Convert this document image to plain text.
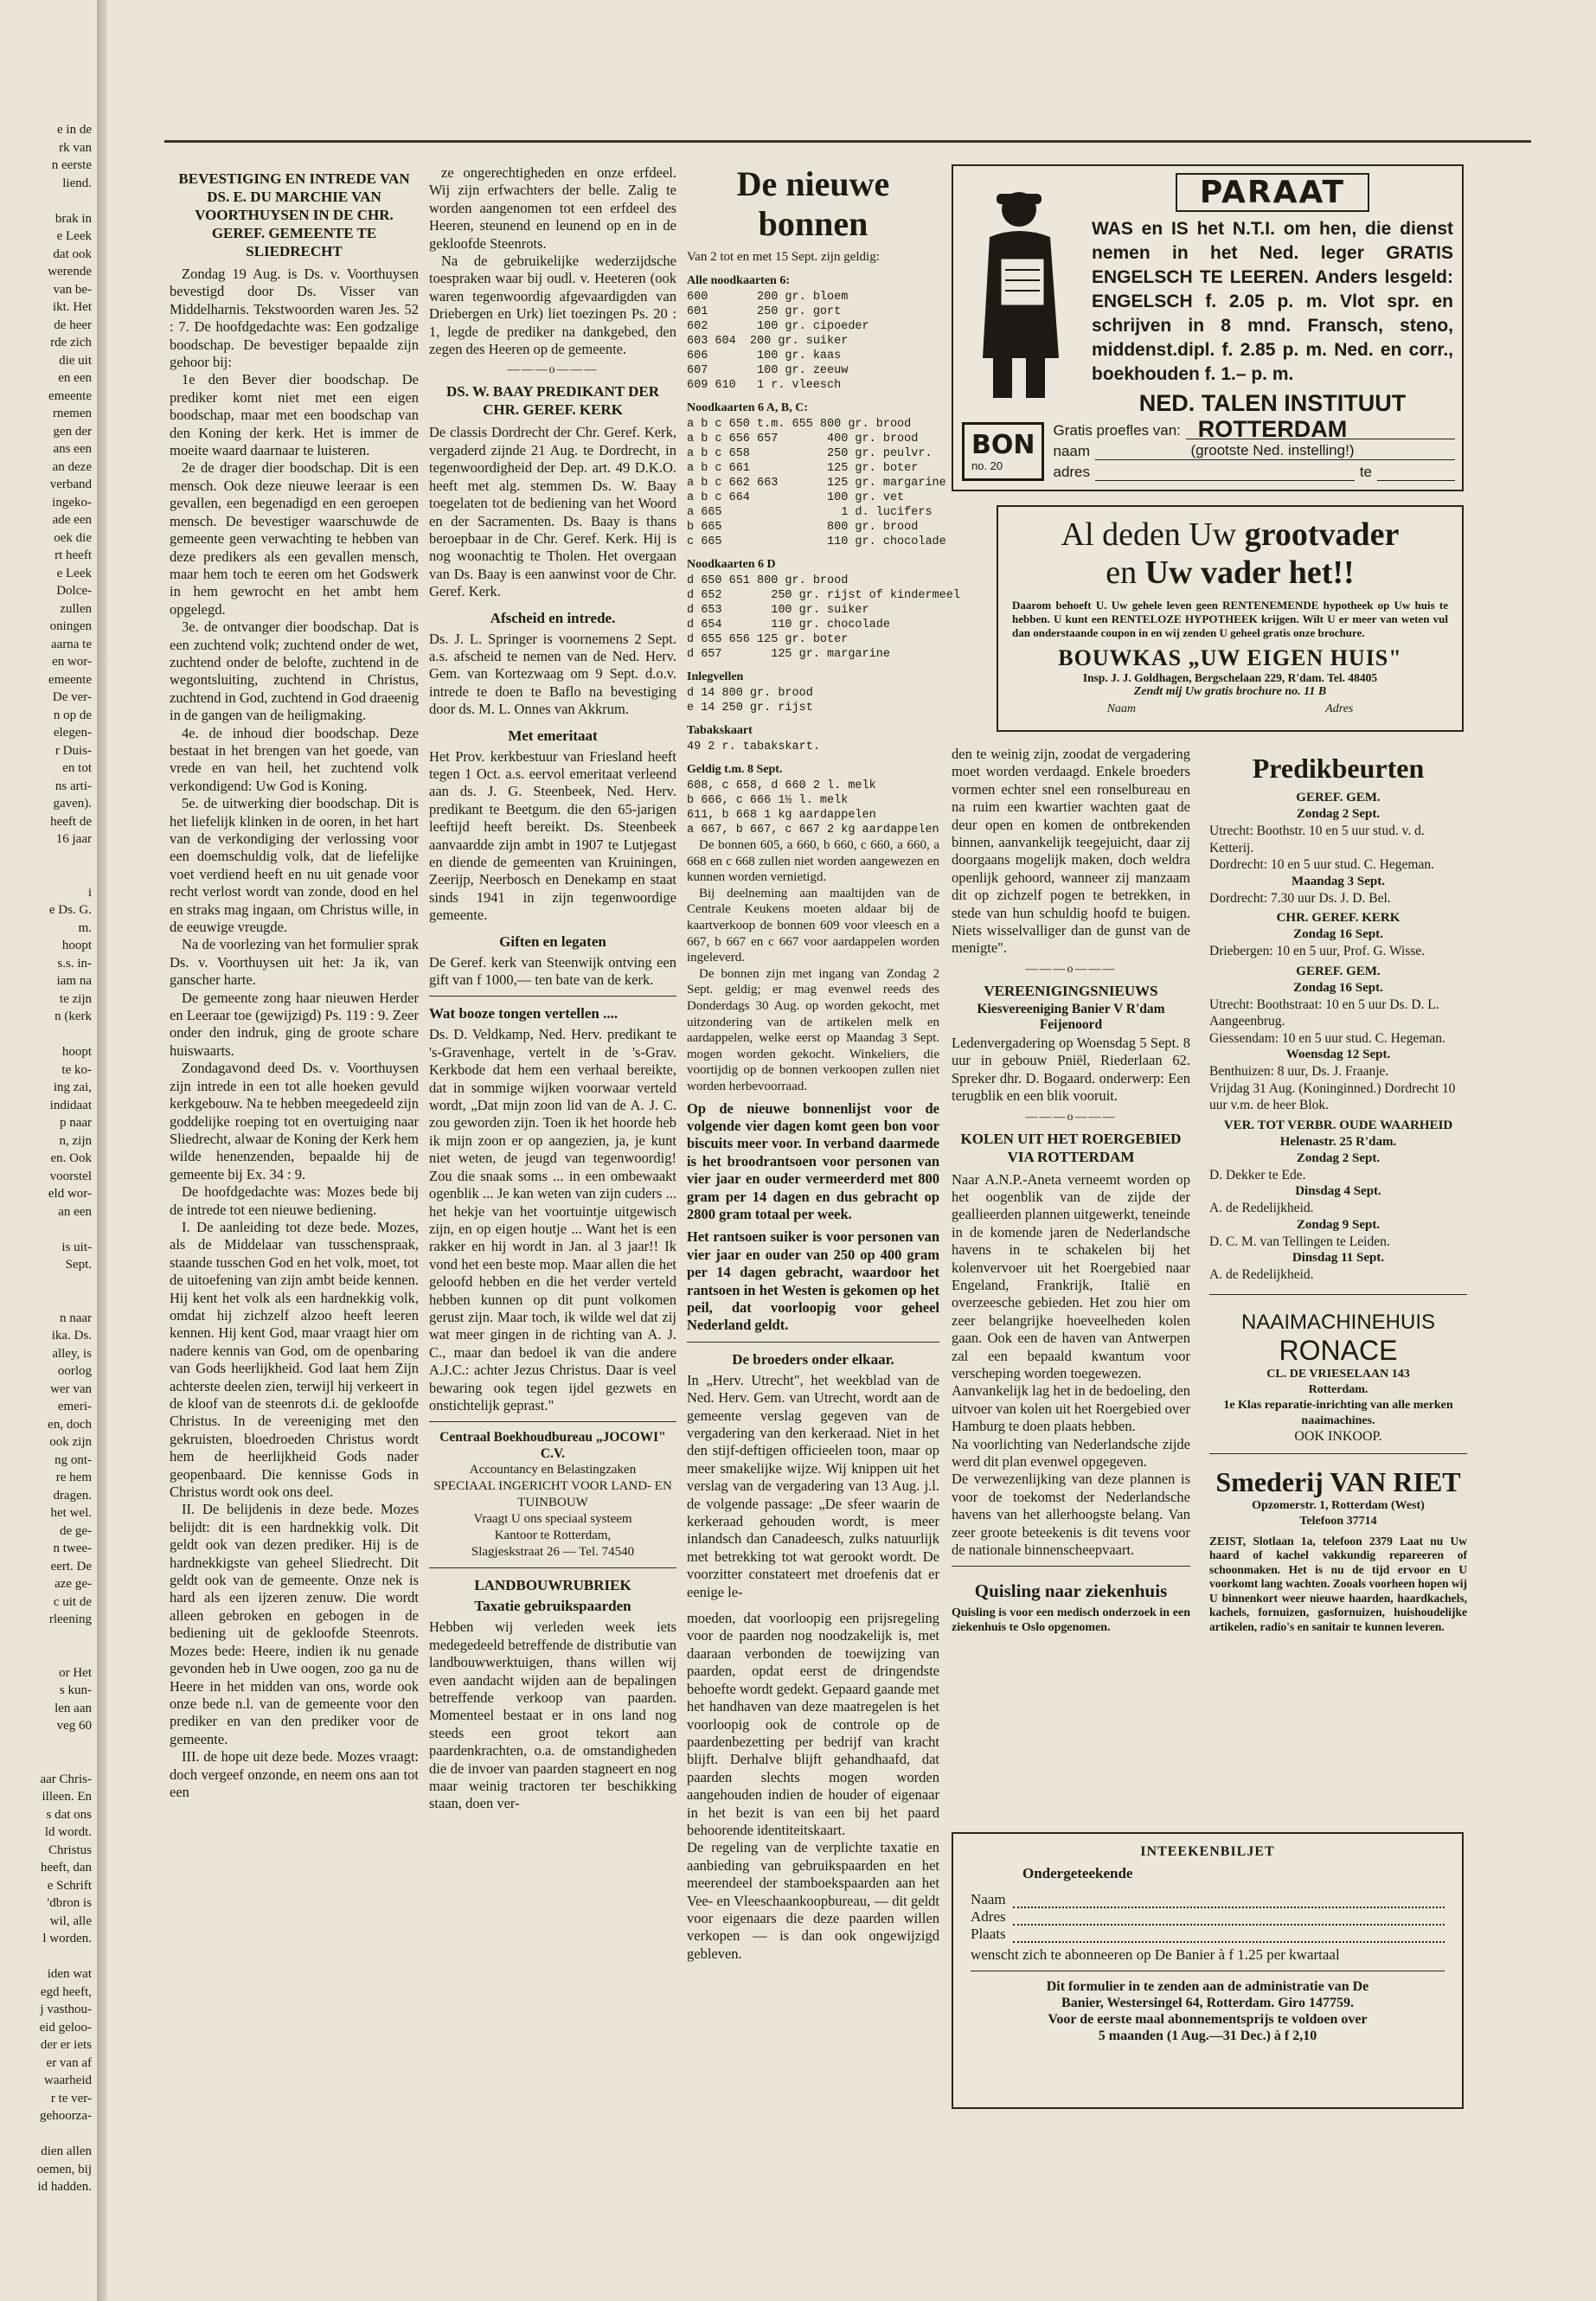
e in de
rk van
n eerste
liend.

brak in
e Leek
dat ook
werende
van be-
ikt. Het
de heer
rde zich
die uit
en een
emeente
rnemen
gen der
ans een
an deze
verband
ingeko-
ade een
oek die
rt heeft
e Leek
Dolce-
zullen
oningen
aarna te
en wor-
emeente
De ver-
n op de
elegen-
r Duis-
en tot
ns arti-
gaven).
heeft de
16 jaar

i
e Ds. G.
m.
hoopt
s.s. in-
iam na
te zijn
n (kerk

hoopt
te ko-
ing zai,
indidaat
p naar
n, zijn
en. Ook
voorstel
eld wor-
an een

is uit-
Sept.

n naar
ika. Ds.
alley, is
oorlog
wer van
emeri-
en, doch
ook zijn
ng ont-
re hem
dragen.
het wel.
de ge-
n twee-
eert. De
aze ge-
c uit de
rleening

or Het
s kun-
len aan
veg 60

aar Chris-
illeen. En
s dat ons
ld wordt.
Christus
heeft, dan
e Schrift
'dbron is
wil, alle
l worden.

iden wat
egd heeft,
j vasthou-
eid geloo-
der er iets
er van af
waarheid
r te ver-
gehoorza-

dien allen
oemen, bij
id hadden.
BEVESTIGING EN INTREDE VAN DS. E. DU MARCHIE VAN VOORTHUYSEN IN DE CHR. GEREF. GEMEENTE TE SLIEDRECHT

Zondag 19 Aug. is Ds. v. Voorthuysen bevestigd door Ds. Visser van Middelharnis. Tekstwoorden waren Jes. 52 : 7. De hoofdgedachte was: Een godzalige boodschap. De bevestiger bepaalde zijn gehoor bij:

1e den Bever dier boodschap. De prediker komt niet met een eigen boodschap, maar met een boodschap van den Koning der kerk. Het is immer de moeite waard daarnaar te luisteren.

2e de drager dier boodschap. Dit is een mensch. Ook deze nieuwe leeraar is een gevallen, een begenadigd en een geroepen mensch. De bevestiger waarschuwde de gemeente geen verwachting te hebben van deze predikers als een gevallen mensch, maar hem toch te eeren om het Godswerk in hem gewrocht en het ambt hem opgelegd.

3e. de ontvanger dier boodschap. Dat is een zuchtend volk; zuchtend onder de wet, zuchtend onder de belofte, zuchtend in de wegontsluiting, zuchtend in Christus, zuchtend in God, zuchtend in God draeenig in de gangen van de heiligmaking.

4e. de inhoud dier boodschap. Deze bestaat in het brengen van het goede, van vrede en van heil, het zuchtend volk verkondigend: Uw God is Koning.

5e. de uitwerking dier boodschap. Dit is het liefelijk klinken in de ooren, in het hart van de verkondiging der verlossing voor een doemschuldig volk, dat de liefelijke voet verdiend heeft en nu uit genade voor recht verlost wordt van zonde, dood en hel en straks mag ingaan, om Christus wille, in de eeuwige vreugde.

Na de voorlezing van het formulier sprak Ds. v. Voorthuysen uit het: Ja ik, van ganscher harte.

De gemeente zong haar nieuwen Herder en Leeraar toe (gewijzigd) Ps. 119 : 9. Zeer onder den indruk, ging de groote schare huiswaarts.

Zondagavond deed Ds. v. Voorthuysen zijn intrede in een tot alle hoeken gevuld kerkgebouw. Na te hebben meegedeeld zijn goddelijke roeping tot en overtuiging naar Sliedrecht, alwaar de Koning der Kerk hem wilde henenzenden, bepaalde hij de gemeente bij Ex. 34 : 9.

De hoofdgedachte was: Mozes bede bij de intrede tot een nieuwe bediening.

I. De aanleiding tot deze bede. Mozes, als de Middelaar van tusschenspraak, staande tusschen God en het volk, moet, tot de uitoefening van zijn ambt beide kennen. Hij kent het volk als een hardnekkig volk, omdat hij zichzelf alzoo heeft leeren kennen. Hij kent God, maar vraagt hier om nadere kennis van God, om de openbaring van Gods heerlijkheid. God laat hem Zijn achterste deelen zien, terwijl hij verkeert in de kloof van de steenrots d.i. de gekloofde Christus. In de vereeniging met den gekruisten, bloedroeden Christus wordt hem de heerlijkheid Gods nader geopenbaard. Die kennisse Gods in Christus wordt ook ons deel.

II. De belijdenis in deze bede. Mozes belijdt: dit is een hardnekkig volk. Dit geldt ook van dezen prediker. Hij is de hardnekkigste van geheel Sliedrecht. Dit geldt ook van de gemeente. Onze nek is hard als een ijzeren zenuw. Die wordt alleen gebroken en gebogen in de bediening uit de gekloofde Steenrots. Mozes bede: Heere, indien ik nu genade gevonden heb in Uwe oogen, zoo ga nu de Heere in het midden van ons, worde ook onze bede n.l. van de gemeente voor den prediker en van den prediker voor de gemeente.

III. de hope uit deze bede. Mozes vraagt: doch vergeef onzonde, en neem ons aan tot een

ze ongerechtigheden en onze erfdeel. Wij zijn erfwachters der belle. Zalig te worden aangenomen tot een erfdeel des Heeren, steunend en leunend op en in de gekloofde Steenrots.

Na de gebruikelijke wederzijdsche toespraken waar bij oudl. v. Heeteren (ook waren tegenwoordig afgevaardigden van Driebergen en Urk) liet toezingen Ps. 20 : 1, legde de prediker na dankgebed, den zegen des Heeren op de gemeente.

———o———
DS. W. BAAY PREDIKANT DER CHR. GEREF. KERK

De classis Dordrecht der Chr. Geref. Kerk, vergaderd zijnde 21 Aug. te Dordrecht, in tegenwoordigheid der Dep. art. 49 D.K.O. heeft met alg. stemmen Ds. W. Baay toegelaten tot de bediening van het Woord en der Sacramenten. Ds. Baay is thans beroepbaar in de Chr. Geref. Kerk. Hij is nog woonachtig te Tholen. Het overgaan van Ds. Baay is een aanwinst voor de Chr. Geref. Kerk.

Afscheid en intrede.

Ds. J. L. Springer is voornemens 2 Sept. a.s. afscheid te nemen van de Ned. Herv. Gem. van Kortezwaag om 9 Sept. d.o.v. intrede te doen te Baflo na bevestiging door ds. M. L. Onnes van Akkrum.

Met emeritaat

Het Prov. kerkbestuur van Friesland heeft tegen 1 Oct. a.s. eervol emeritaat verleend aan ds. J. G. Steenbeek, Ned. Herv. predikant te Beetgum. die den 65-jarigen leeftijd heeft bereikt. Ds. Steenbeek aanvaardde zijn ambt in 1907 te Lutjegast en diende de gemeenten van Kruiningen, Zeerijp, Neerbosch en Denekamp en staat sinds 1941 in zijn tegenwoordige gemeente.

Giften en legaten

De Geref. kerk van Steenwijk ontving een gift van f 1000,— ten bate van de kerk.

Wat booze tongen vertellen ....

Ds. D. Veldkamp, Ned. Herv. predikant te 's-Gravenhage, vertelt in de 's-Grav. Kerkbode dat hem een verhaal bereikte, dat in sommige wijken voorwaar verteld wordt, „Dat mijn zoon lid van de A. J. C. zou geworden zijn. Toen ik het hoorde heb ik mijn zoon er op aangezien, ja, je kunt niet weten, de jeugd van tegenwoordig! Zou die snaak soms ... in een ombewaakt ogenblik ... Je kan weten van zijn cuders ... het hekje van het voortuintje uitgewisch zijn, en op eigen houtje ... Want het is een rakker en hij wordt in Jan. al 3 jaar!! Ik vond het een beste mop. Maar allen die het geloofd hebben en die het verder verteld hebben kunnen op dit punt volkomen gerust zijn. Maar toch, ik wilde wel dat zij wat meer gingen in de richting van A. J. C., maar dan bedoel ik van die andere A.J.C.: achter Jezus Christus. Daar is veel bewaring ook tegen ijdel gezwets en onstichtelijk geprast."

Centraal Boekhoudbureau „JOCOWI" C.V.
Accountancy en Belastingzaken
SPECIAAL INGERICHT VOOR LAND- EN TUINBOUW
Vraagt U ons speciaal systeem
Kantoor te Rotterdam,
Slagjeskstraat 26 — Tel. 74540
LANDBOUWRUBRIEK
Taxatie gebruikspaarden

Hebben wij verleden week iets medegedeeld betreffende de distributie van landbouwwerktuigen, thans willen wij even aandacht wijden aan de bepalingen betreffende verkoop van paarden. Momenteel bestaat er in ons land nog steeds een groot tekort aan paardenkrachten, o.a. de omstandigheden die de invoer van paarden stagneert en nog maar weinig tractoren ter beschikking staan, doen ver-

De nieuwe bonnen
Van 2 tot en met 15 Sept. zijn geldig:
Alle noodkaarten 6:
600       200 gr. bloem
601       250 gr. gort
602       100 gr. cipoeder
603 604  200 gr. suiker
606       100 gr. kaas
607       100 gr. zeeuw
609 610   1 r. vleesch
Noodkaarten 6 A, B, C:
a b c 650 t.m. 655 800 gr. brood
a b c 656 657       400 gr. brood
a b c 658           250 gr. peulvr.
a b c 661           125 gr. boter
a b c 662 663       125 gr. margarine
a b c 664           100 gr. vet
a 665                 1 d. lucifers
b 665               800 gr. brood
c 665               110 gr. chocolade
Noodkaarten 6 D
d 650 651 800 gr. brood
d 652       250 gr. rijst of kindermeel
d 653       100 gr. suiker
d 654       110 gr. chocolade
d 655 656 125 gr. boter
d 657       125 gr. margarine
Inlegvellen
d 14 800 gr. brood
e 14 250 gr. rijst
Tabakskaart
49 2 r. tabakskart.
Geldig t.m. 8 Sept.
608, c 658, d 660 2 l. melk
b 666, c 666 1½ l. melk
611, b 668 1 kg aardappelen
a 667, b 667, c 667 2 kg aardappelen

De bonnen 605, a 660, b 660, c 660, a 660, a 668 en c 668 zullen niet worden aangewezen en kunnen worden vernietigd.

Bij deelneming aan maaltijden van de Centrale Keukens moeten aldaar bij de kaartverkoop de bonnen 609 voor vleesch en a 667, b 667 en c 667 voor aardappelen worden ingeleverd.

De bonnen zijn met ingang van Zondag 2 Sept. geldig; er mag evenwel reeds des Donderdags 30 Aug. op worden gekocht, met uitzondering van de artikelen melk en aardappelen, welke eerst op Maandag 3 Sept. mogen worden gekocht. Winkeliers, die voortijdig op de bonnen verkoopen zullen niet worden herbevoorraad.

Op de nieuwe bonnenlijst voor de volgende vier dagen komt geen bon voor biscuits meer voor. In verband daarmede is het broodrantsoen voor personen van vier jaar en ouder vermeerderd met 800 gram per 14 dagen en dus gebracht op 2800 gram totaal per week.

Het rantsoen suiker is voor personen van vier jaar en ouder van 250 op 400 gram per 14 dagen gebracht, waardoor het rantsoen in het Westen is gekomen op het peil, dat voorloopig voor geheel Nederland geldt.

De broeders onder elkaar.

In „Herv. Utrecht", het weekblad van de Ned. Herv. Gem. van Utrecht, wordt aan de gemeente verslag gegeven van de vergadering van den kerkeraad. Niet in het den stijf-deftigen officieelen toon, maar op meer smakelijke wijze. Wij knippen uit het verslag van de vergadering van 13 Aug. j.l. de volgende passage: „De sfeer waarin de kerkeraad gehouden wordt, is meer inlandsch dan Canadeesch, zulks natuurlijk met betrekking tot wat gerookt wordt. De voorzitter constateert met droefenis dat er eenige le-

moeden, dat voorloopig een prijsregeling voor de paarden nog noodzakelijk is, met daaraan verbonden de toewijzing van paarden, opdat eerst de dringendste behoefte wordt gedekt. Gepaard gaande met het handhaven van deze maatregelen is het voorloopig ook de controle op de paardenbezetting per bedrijf van kracht blijft. Derhalve blijft gehandhaafd, dat paarden slechts mogen worden aangehouden indien de houder of eigenaar in het bezit is van een bij het paard behoorende identiteitskaart.

De regeling van de verplichte taxatie en aanbieding van gebruikspaarden en het meerendeel der stamboekspaarden aan het Vee- en Vleeschaankoopbureau, — dit geldt voor eigenaars die deze paarden willen verkopen — is dan ook ongewijzigd gebleven.

PARAAT
WAS en IS het N.T.I. om hen, die dienst nemen in het Ned. leger GRATIS ENGELSCH TE LEEREN. Anders lesgeld: ENGELSCH f. 2.05 p. m. Vlot spr. en schrijven in 8 mnd. Fransch, steno, middenst.dipl. f. 2.85 p. m. Ned. en corr., boekhouden f. 1.– p. m.
NED. TALEN INSTITUUT ROTTERDAM
(grootste Ned. instelling!)
BON
no. 20
Gratis proefles van:
naam
adres	te
Al deden Uw grootvader
en Uw vader het!!
Daarom behoeft U. Uw gehele leven geen RENTENEMENDE hypotheek op Uw huis te hebben. U kunt een RENTELOZE HYPOTHEEK krijgen. Wilt U er meer van weten vul dan onderstaande coupon in en wij zenden U geheel gratis onze brochure.
BOUWKAS „UW EIGEN HUIS"
Insp. J. J. Goldhagen, Bergschelaan 229, R'dam. Tel. 48405
Zendt mij Uw gratis brochure no. 11 B
Naam	Adres

den te weinig zijn, zoodat de vergadering moet worden verdaagd. Enkele broeders vormen echter snel een ronselbureau en na ruim een kwartier wachten gaat de deur open en komen de ontbrekenden binnen, aanvankelijk teegejuicht, daar zij doorgaans mogelijk maken, doch weldra openlijk gehoord, wanneer zij manzaam dit op zichzelf pogen te betrekken, in stede van hun schuldig hoofd te buigen. Niets wisselvalliger dan de gunst van de menigte".

———o———
VEREENIGINGSNIEUWS
Kiesvereeniging Banier V R'dam Feijenoord

Ledenvergadering op Woensdag 5 Sept. 8 uur in gebouw Pniël, Riederlaan 62. Spreker dhr. D. Bogaard. onderwerp: Een terugblik en een blik vooruit.

———o———
KOLEN UIT HET ROERGEBIED VIA ROTTERDAM

Naar A.N.P.-Aneta verneemt worden op het oogenblik van de zijde der geallieerden plannen uitgewerkt, teneinde in de komende jaren de Nederlandsche havens in te schakelen bij het kolenvervoer uit het Roergebied naar Engeland, Frankrijk, Italië en overzeesche gebieden. Het zou hier om zeer belangrijke hoeveelheden kolen gaan. Ook een de haven van Antwerpen zal een bepaald kwantum voor verscheping worden toegewezen.

Aanvankelijk lag het in de bedoeling, den uitvoer van kolen uit het Roergebied over Hamburg te doen plaats hebben.

Na voorlichting van Nederlandsche zijde werd dit plan evenwel opgegeven.

De verwezenlijking van deze plannen is voor de toekomst der Nederlandsche havens van het allerhoogste belang. Van zeer groote beteekenis is dit tevens voor de nationale binnenscheepvaart.

Quisling naar ziekenhuis

Quisling is voor een medisch onderzoek in een ziekenhuis te Oslo opgenomen.

Predikbeurten
GEREF. GEM.
Zondag 2 Sept.
Utrecht: Boothstr. 10 en 5 uur stud. v. d. Ketterij.
Dordrecht: 10 en 5 uur stud. C. Hegeman.
Maandag 3 Sept.
Dordrecht: 7.30 uur Ds. J. D. Bel.
CHR. GEREF. KERK
Zondag 16 Sept.
Driebergen: 10 en 5 uur, Prof. G. Wisse.
GEREF. GEM.
Zondag 16 Sept.
Utrecht: Boothstraat: 10 en 5 uur Ds. D. L. Aangeenbrug.
Giessendam: 10 en 5 uur stud. C. Hegeman.
Woensdag 12 Sept.
Benthuizen: 8 uur, Ds. J. Fraanje.
Vrijdag 31 Aug. (Koninginned.) Dordrecht 10 uur v.m. de heer Blok.
VER. TOT VERBR. OUDE WAARHEID
Helenastr. 25 R'dam.
Zondag 2 Sept.
D. Dekker te Ede.
Dinsdag 4 Sept.
A. de Redelijkheid.
Zondag 9 Sept.
D. C. M. van Tellingen te Leiden.
Dinsdag 11 Sept.
A. de Redelijkheid.
NAAIMACHINEHUIS
RONACE
CL. DE VRIESELAAN 143
Rotterdam.
1e Klas reparatie-inrichting van alle merken naaimachines.
OOK INKOOP.
Smederij VAN RIET
Opzomerstr. 1, Rotterdam (West)
Telefoon 37714
ZEIST, Slotlaan 1a, telefoon 2379 Laat nu Uw haard of kachel vakkundig repareeren of schoonmaken. Het is nu de tijd ervoor en U voorkomt lang wachten. Zooals voorheen hopen wij U binnenkort weer nieuwe haarden, haardkachels, kachels, fornuizen, gasfornuizen, huishoudelijke artikelen, radio's en sanitair te kunnen leveren.
INTEEKENBILJET
Ondergeteekende
Naam
Adres
Plaats
wenscht zich te abonneeren op De Banier à f 1.25 per kwartaal
Dit formulier in te zenden aan de administratie van De
Banier, Westersingel 64, Rotterdam. Giro 147759.
Voor de eerste maal abonnementsprijs te voldoen over
5 maanden (1 Aug.—31 Dec.) à f 2,10
